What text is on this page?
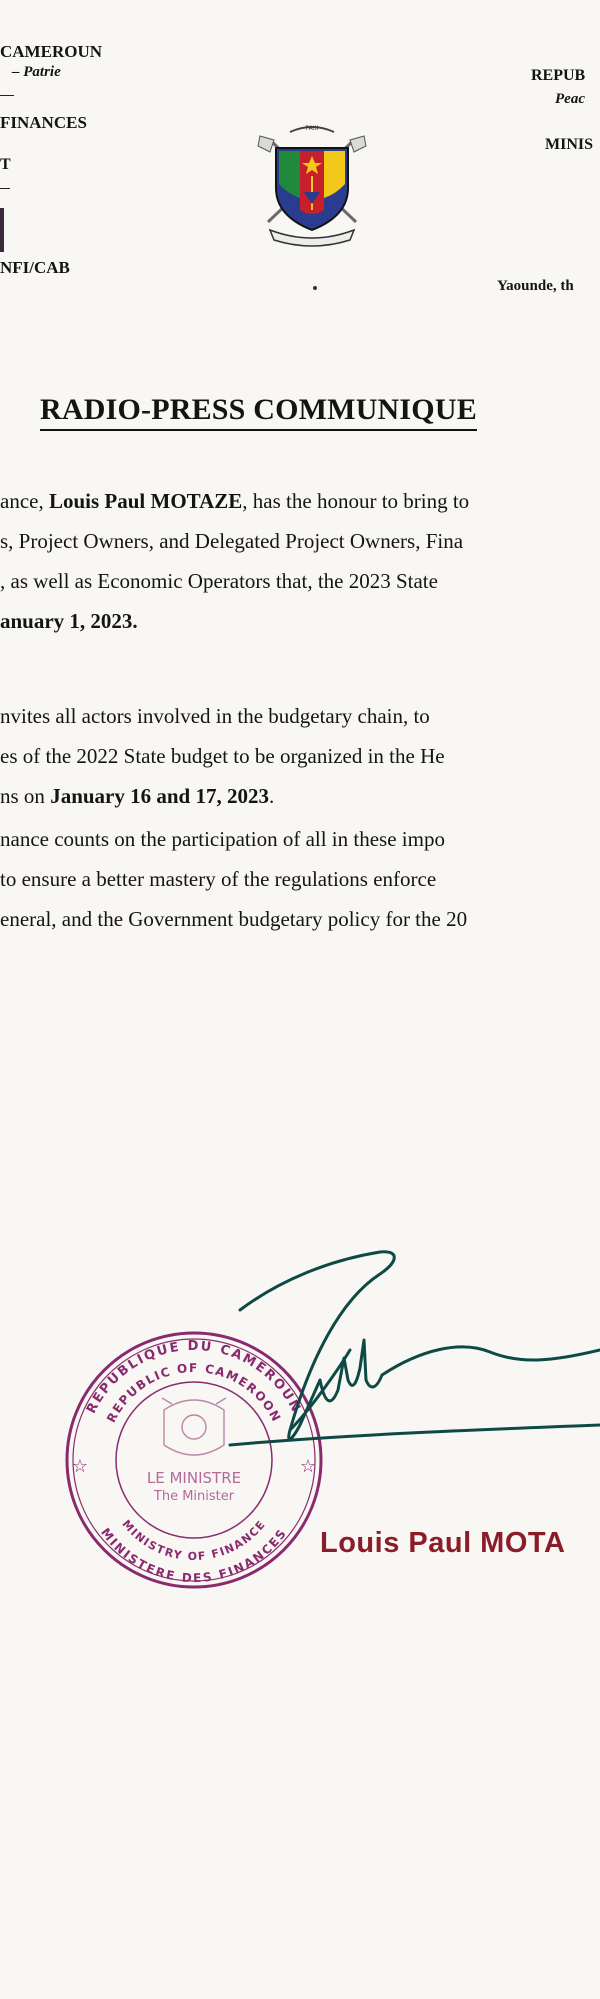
CAMEROUN
– Patrie
FINANCES
T
NFI/CAB
REPUB
Peac
MINIS
Yaounde, th
PAIX
RADIO-PRESS COMMUNIQUE
ance, Louis Paul MOTAZE, has the honour to bring to
s, Project Owners, and Delegated Project Owners, Fina
, as well as Economic Operators that, the 2023 State
anuary 1, 2023.
nvites all actors involved in the budgetary chain, to
es of the 2022 State budget to be organized in the He
ns on January 16 and 17, 2023.
nance counts on the participation of all in these impo
to ensure a better mastery of the regulations enforce
eneral, and the Government budgetary policy for the 20
REPUBLIQUE DU CAMEROUN
REPUBLIC OF CAMEROON
MINISTRY OF FINANCE
MINISTERE DES FINANCES
☆	☆
LE MINISTRE
The Minister
Louis Paul MOTA
